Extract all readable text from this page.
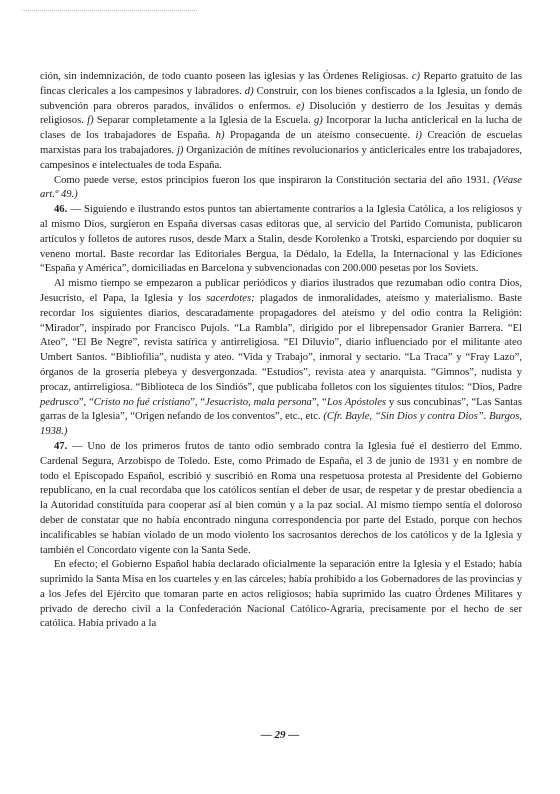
ción, sin indemnización, de todo cuanto poseen las iglesias y las Órdenes Religiosas. c) Reparto gratuito de las fincas clericales a los campesinos y labradores. d) Construir, con los bienes confiscados a la Iglesia, un fondo de subvención para obreros parados, inválidos o enfermos. e) Disolución y destierro de los Jesuitas y demás religiosos. f) Separar completamente a la Iglesia de la Escuela. g) Incorporar la lucha anticlerical en la lucha de clases de los trabajadores de España. h) Propaganda de un ateísmo consecuente. i) Creación de escuelas marxistas para los trabajadores. j) Organización de mítines revolucionarios y anticlericales entre los trabajadores, campesinos e intelectuales de toda España.

Como puede verse, estos principios fueron los que inspiraron la Constitución sectaria del año 1931. (Véase art.º 49.)

46. — Siguiendo e ilustrando estos puntos tan abiertamente contrarios a la Iglesia Católica, a los religiosos y al mismo Dios, surgieron en España diversas casas editoras que, al servicio del Partido Comunista, publicaron artículos y folletos de autores rusos, desde Marx a Stalin, desde Korolenko a Trotski, esparciendo por doquier su veneno mortal. Baste recordar las Editoriales Bergua, la Dédalo, la Edella, la Internacional y las Ediciones “España y América”, domiciliadas en Barcelona y subvencionadas con 200.000 pesetas por los Soviets.

Al mismo tiempo se empezaron a publicar periódicos y diarios ilustrados que rezumaban odio contra Dios, Jesucristo, el Papa, la Iglesia y los sacerdotes; plagados de inmoralidades, ateísmo y materialismo. Baste recordar los siguientes diarios, descaradamente propagadores del ateísmo y del odio contra la Religión: “Mirador”, inspirado por Francisco Pujols. “La Rambla”, dirigido por el librepensador Granier Barrera. “El Ateo”, “El Be Negre”, revista satírica y antirreligiosa. “El Diluvio”, diario influenciado por el militante ateo Umbert Santos. “Bibliofilia”, nudista y ateo. “Vida y Trabajo”, inmoral y sectario. “La Traca” y “Fray Lazo”, órganos de la grosería plebeya y desvergonzada. “Estudios”, revista atea y anarquista. “Gimnos”, nudista y procaz, antirreligiosa. “Biblioteca de los Sindiós”, que publicaba folletos con los siguientes títulos: “Dios, Padre pedrusco”, “Cristo no fué cristiano”, “Jesucristo, mala persona”, “Los Apóstoles y sus concubinas”, “Las Santas garras de la Iglesia”, “Origen nefando de los conventos”, etc., etc. (Cfr. Bayle, “Sin Dios y contra Dios”. Burgos, 1938.)

47. — Uno de los primeros frutos de tanto odio sembrado contra la Iglesia fué el destierro del Emmo. Cardenal Segura, Arzobispo de Toledo. Este, como Primado de España, el 3 de junio de 1931 y en nombre de todo el Episcopado Español, escribió y suscribió en Roma una respetuosa protesta al Presidente del Gobierno republicano, en la cual recordaba que los católicos sentían el deber de usar, de respetar y de prestar obediencia a la Autoridad constituída para cooperar así al bien común y a la paz social. Al mismo tiempo sentía el doloroso deber de constatar que no había encontrado ninguna correspondencia por parte del Estado, porque con hechos incalificables se habían violado de un modo violento los sacrosantos derechos de los católicos y de la Iglesia y también el Concordato vigente con la Santa Sede.

En efecto; el Gobierno Español había declarado oficialmente la separación entre la Iglesia y el Estado; había suprimido la Santa Misa en los cuarteles y en las cárceles; había prohibido a los Gobernadores de las provincias y a los Jefes del Ejército que tomaran parte en actos religiosos; había suprimido las cuatro Órdenes Militares y privado de derecho civil a la Confederación Nacional Católico-Agraria, precisamente por el hecho de ser católica. Había privado a la

— 29 —
